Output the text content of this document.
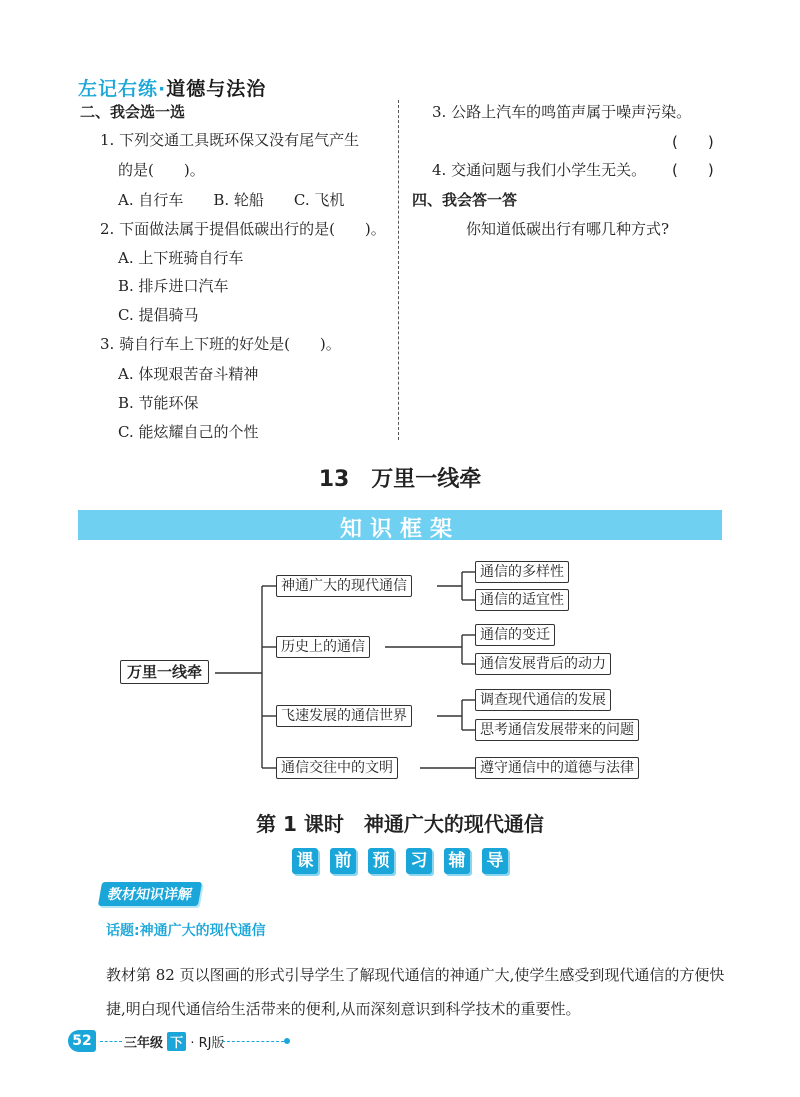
左记右练·道德与法治
二、我会选一选
1. 下列交通工具既环保又没有尾气产生
的是(　　)。
A. 自行车　　B. 轮船　　C. 飞机
2. 下面做法属于提倡低碳出行的是(　　)。
A. 上下班骑自行车
B. 排斥进口汽车
C. 提倡骑马
3. 骑自行车上下班的好处是(　　)。
A. 体现艰苦奋斗精神
B. 节能环保
C. 能炫耀自己的个性
3. 公路上汽车的鸣笛声属于噪声污染。
(　　)
4. 交通问题与我们小学生无关。 (　　)
四、我会答一答
你知道低碳出行有哪几种方式?
13　万里一线牵
知识框架
万里一线牵
神通广大的现代通信
通信的多样性
通信的适宜性
历史上的通信
通信的变迁
通信发展背后的动力
飞速发展的通信世界
调查现代通信的发展
思考通信发展带来的问题
通信交往中的文明	遵守通信中的道德与法律
第 1 课时　神通广大的现代通信
课 前 预 习 辅 导
教材知识详解
话题:神通广大的现代通信
教材第 82 页以图画的形式引导学生了解现代通信的神通广大,使学生感受到现代通信的方便快捷,明白现代通信给生活带来的便利,从而深刻意识到科学技术的重要性。
52	三年级 下 · RJ版
